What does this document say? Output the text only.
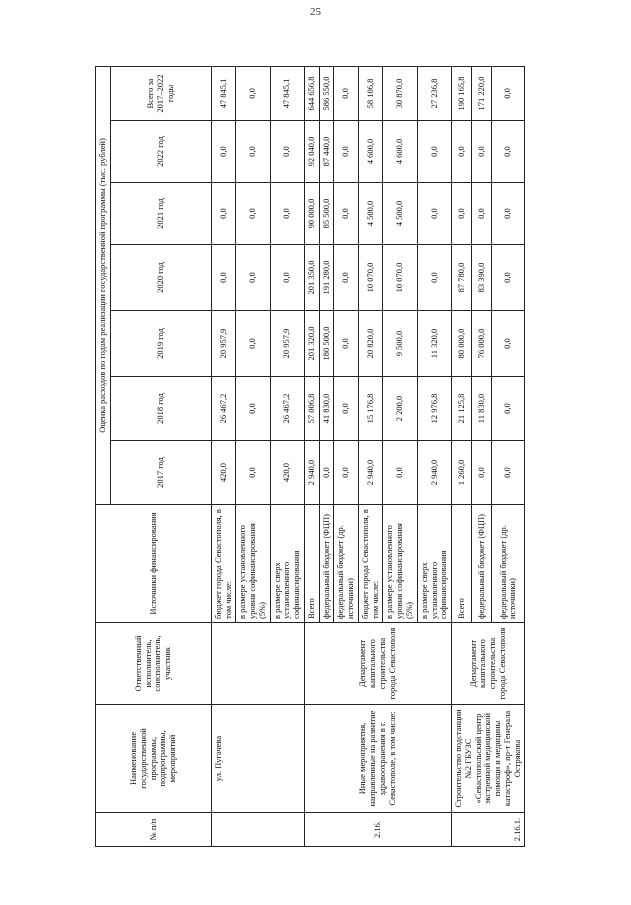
25
№ п/п	Наименование государственной программы, подпрограммы, мероприятий	Ответственный исполнитель, соисполнитель, участник	Источники финансирования	Оценка расходов по годам реализации государственной программы (тыс. рублей)						
				2017 год	2018 год	2019 год	2020 год	2021 год	2022 год	Всего за 2017–2022 годы
	ул. Пугачева		бюджет города Севастополя, в том числе:	420,0	26 467,2	20 957,9	0,0	0,0	0,0	47 845,1
			в размере установленного уровня софинансирования (5%)	0,0	0,0	0,0	0,0	0,0	0,0	0,0
			в размере сверх установленного софинансирования	420,0	26 467,2	20 957,9	0,0	0,0	0,0	47 845,1
2.16.	Иные мероприятия, направленные на развитие здравоохранения в г. Севастополе, в том числе:	Департамент капитального строительства города Севастополя	Всего	2 940,0	57 006,8	201 320,0	201 350,0	90 000,0	92 040,0	644 656,8
			федеральный бюджет (ФЦП)	0,0	41 830,0	180 500,0	191 280,0	85 500,0	87 440,0	586 550,0
			федеральный бюджет (др. источники)	0,0	0,0	0,0	0,0	0,0	0,0	0,0
			бюджет города Севастополя, в том числе:	2 940,0	15 176,8	20 820,0	10 070,0	4 500,0	4 600,0	58 106,8
			в размере установленного уровня софинансирования (5%)	0,0	2 200,0	9 500,0	10 070,0	4 500,0	4 600,0	30 870,0
			в размере сверх установленного софинансирования	2 940,0	12 976,8	11 320,0	0,0	0,0	0,0	27 236,8
2.16.1.	Строительство подстанции №2 ГБУЗС «Севастопольский центр экстренной медицинской помощи и медицины катастроф», пр-т Генерала Острякова	Департамент капитального строительства города Севастополя	Всего	1 260,0	21 125,8	80 000,0	87 780,0	0,0	0,0	190 165,8
			федеральный бюджет (ФЦП)	0,0	11 830,0	76 000,0	83 390,0	0,0	0,0	171 220,0
			федеральный бюджет (др. источники)	0,0	0,0	0,0	0,0	0,0	0,0	0,0
